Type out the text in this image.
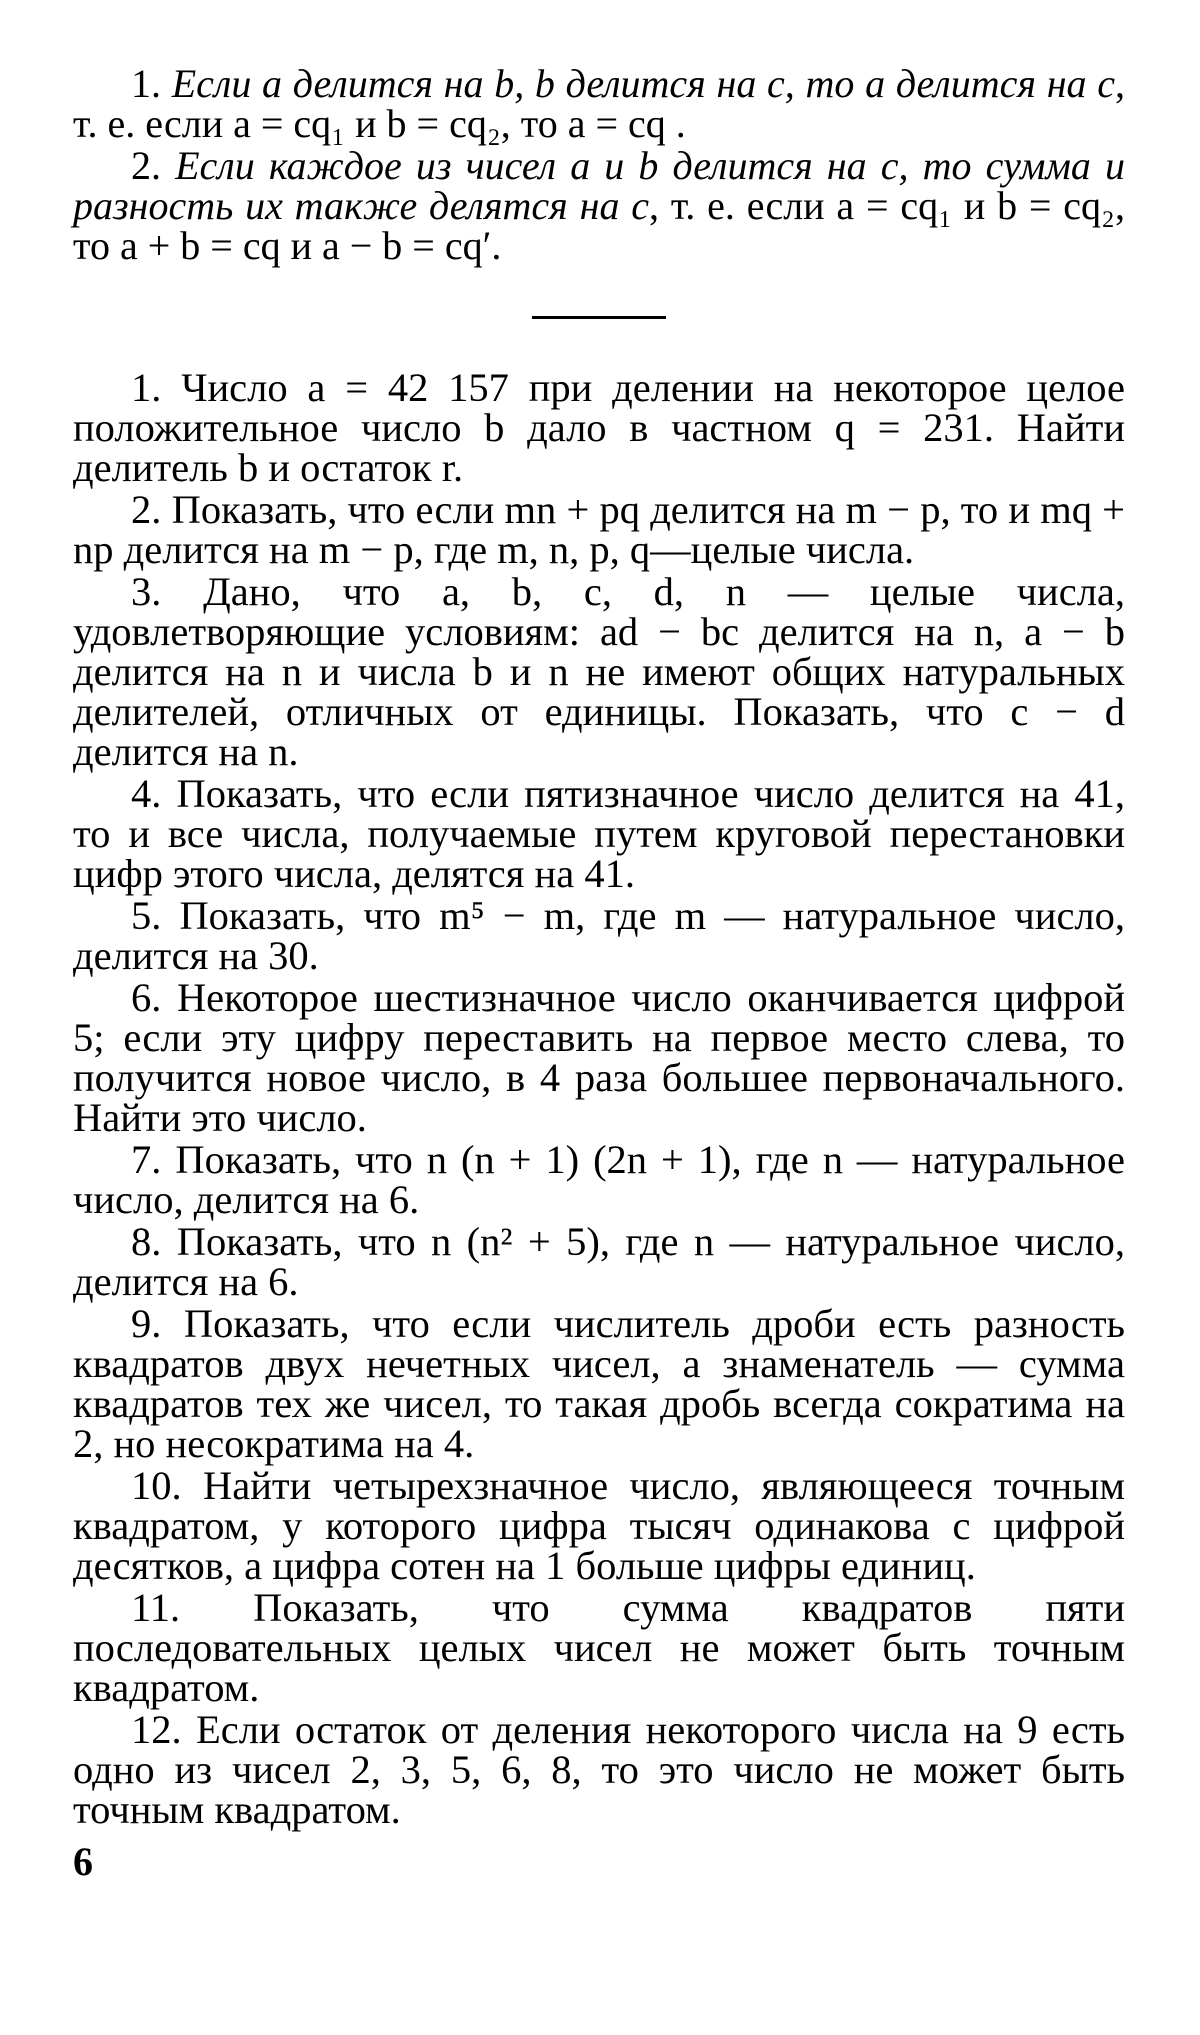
1. Если a делится на b, b делится на c, то a делится на c, т. е. если a = cq₁ и b = cq₂, то a = cq .

2. Если каждое из чисел a и b делится на c, то сумма и разность их также делятся на c, т. е. если a = cq₁ и b = cq₂, то a + b = cq и a − b = cq′.

1. Число a = 42 157 при делении на некоторое целое положительное число b дало в частном q = 231. Найти делитель b и остаток r.

2. Показать, что если mn + pq делится на m − p, то и mq + np делится на m − p, где m, n, p, q—целые числа.

3. Дано, что a, b, c, d, n — целые числа, удовлетворяющие условиям: ad − bc делится на n, a − b делится на n и числа b и n не имеют общих натуральных делителей, отличных от единицы. Показать, что c − d делится на n.

4. Показать, что если пятизначное число делится на 41, то и все числа, получаемые путем круговой перестановки цифр этого числа, делятся на 41.

5. Показать, что m⁵ − m, где m — натуральное число, делится на 30.

6. Некоторое шестизначное число оканчивается цифрой 5; если эту цифру переставить на первое место слева, то получится новое число, в 4 раза большее первоначального. Найти это число.

7. Показать, что n (n + 1) (2n + 1), где n — натуральное число, делится на 6.

8. Показать, что n (n² + 5), где n — натуральное число, делится на 6.

9. Показать, что если числитель дроби есть разность квадратов двух нечетных чисел, а знаменатель — сумма квадратов тех же чисел, то такая дробь всегда сократима на 2, но несократима на 4.

10. Найти четырехзначное число, являющееся точным квадратом, у которого цифра тысяч одинакова с цифрой десятков, а цифра сотен на 1 больше цифры единиц.

11. Показать, что сумма квадратов пяти последовательных целых чисел не может быть точным квадратом.

12. Если остаток от деления некоторого числа на 9 есть одно из чисел 2, 3, 5, 6, 8, то это число не может быть точным квадратом.

6
